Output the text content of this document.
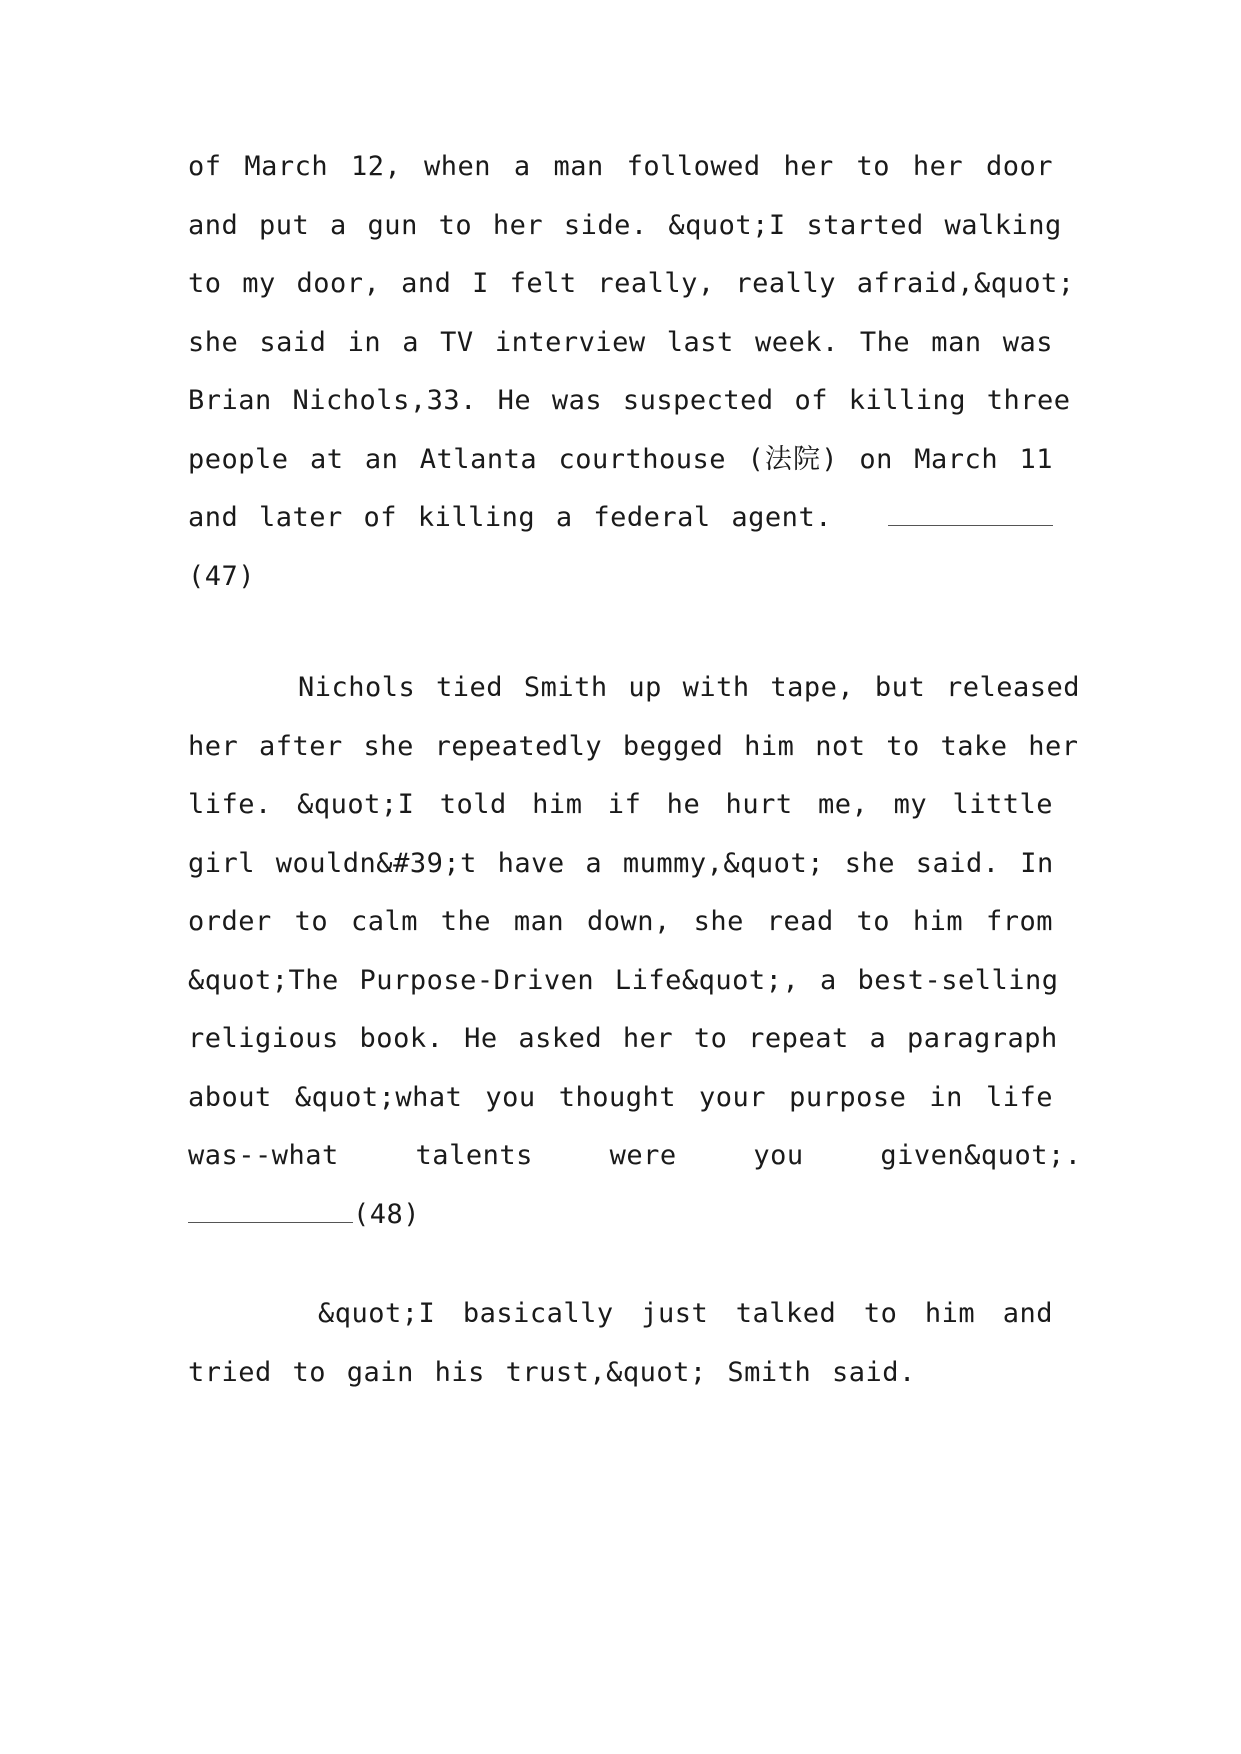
of March 12, when a man followed her to her door
and put a gun to her side. &quot;I started walking
to my door, and I felt really, really afraid,&quot;
she said in a TV interview last week. The man was
Brian Nichols,33. He was suspected of killing three
people at an Atlanta courthouse (法院) on March 11
and later of killing a federal agent.
(47)
Nichols tied Smith up with tape, but released
her after she repeatedly begged him not to take her
life. &quot;I told him if he hurt me, my little
girl wouldn&#39;t have a mummy,&quot; she said. In
order to calm the man down, she read to him from
&quot;The Purpose-Driven Life&quot;, a best-selling
religious book. He asked her to repeat a paragraph
about &quot;what you thought your purpose in life
was--what talents were you given&quot;.
(48)
&quot;I basically just talked to him and
tried to gain his trust,&quot; Smith said.
